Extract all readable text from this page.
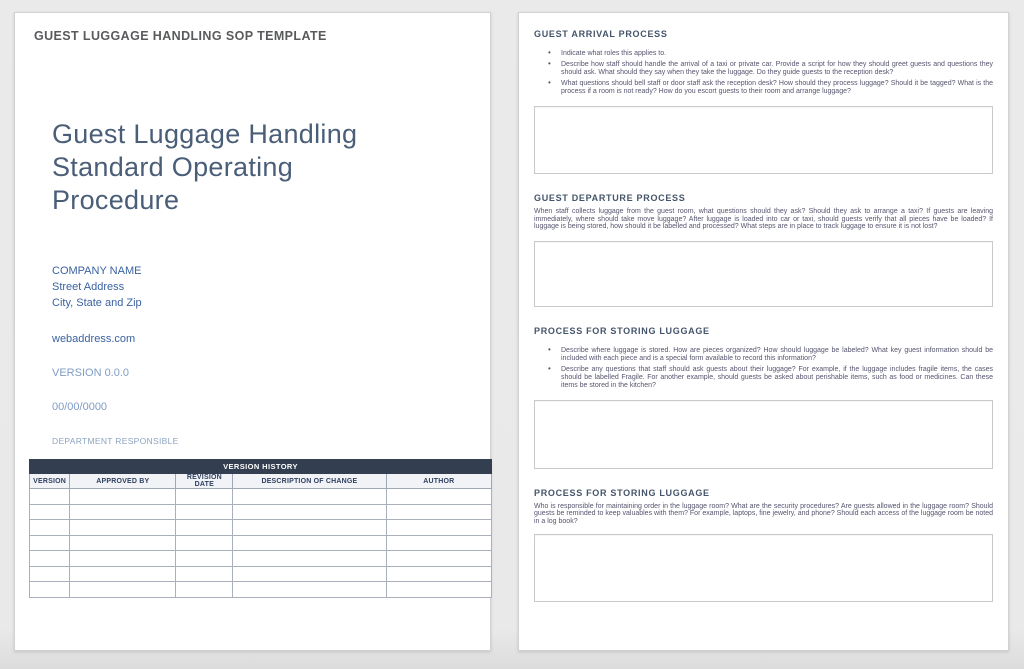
GUEST LUGGAGE HANDLING SOP TEMPLATE
Guest Luggage Handling
Standard Operating
Procedure
COMPANY NAME
Street Address
City, State and Zip
webaddress.com
VERSION 0.0.0
00/00/0000
DEPARTMENT RESPONSIBLE
VERSION HISTORY				
VERSION	APPROVED BY	REVISION DATE	DESCRIPTION OF CHANGE	AUTHOR

GUEST ARRIVAL PROCESS
• Indicate what roles this applies to.
• Describe how staff should handle the arrival of a taxi or private car. Provide a script for how they should greet guests and questions they should ask. What should they say when they take the luggage. Do they guide guests to the reception desk?
• What questions should bell staff or door staff ask the reception desk? How should they process luggage? Should it be tagged? What is the process if a room is not ready? How do you escort guests to their room and arrange luggage?
GUEST DEPARTURE PROCESS

When staff collects luggage from the guest room, what questions should they ask? Should they ask to arrange a taxi? If guests are leaving immediately, where should take move luggage? After luggage is loaded into car or taxi, should guests verify that all pieces have be loaded? If luggage is being stored, how should it be labelled and processed? What steps are in place to track luggage to ensure it is not lost?

PROCESS FOR STORING LUGGAGE
• Describe where luggage is stored. How are pieces organized? How should luggage be labeled? What key guest information should be included with each piece and is a special form available to record this information?
• Describe any questions that staff should ask guests about their luggage? For example, if the luggage includes fragile items, the cases should be labelled Fragile. For another example, should guests be asked about perishable items, such as food or medicines. Can these items be stored in the kitchen?
PROCESS FOR STORING LUGGAGE

Who is responsible for maintaining order in the luggage room? What are the security procedures? Are guests allowed in the luggage room? Should guests be reminded to keep valuables with them? For example, laptops, fine jewelry, and phone? Should each access of the luggage room be noted in a log book?
